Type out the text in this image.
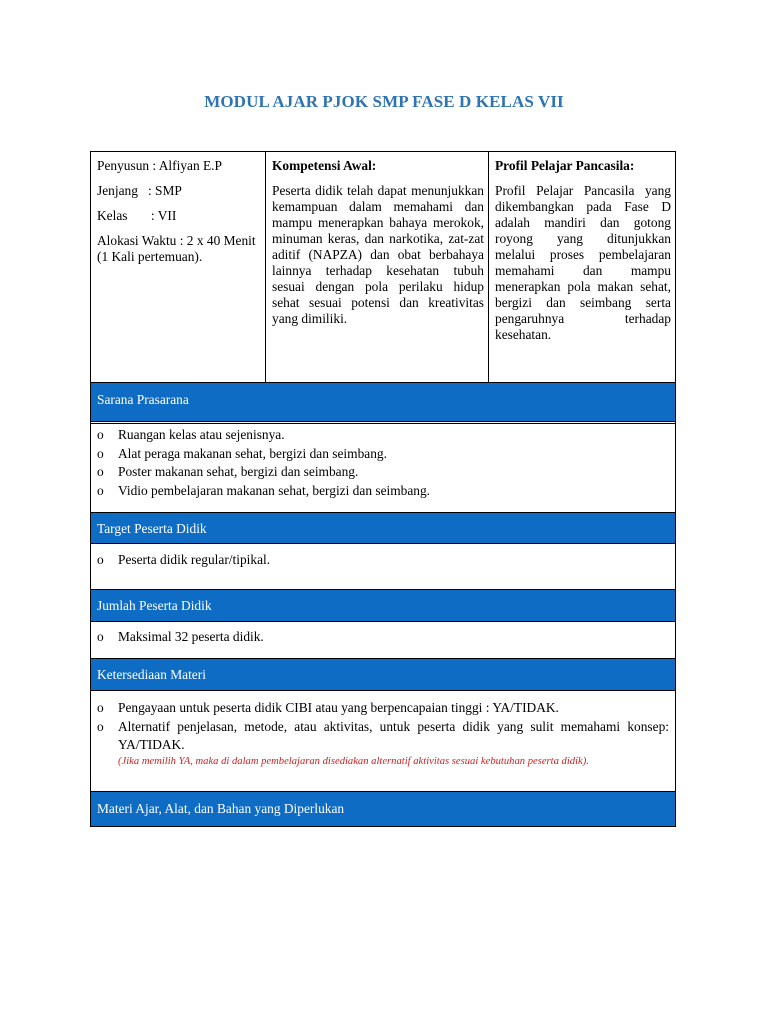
MODUL AJAR PJOK SMP FASE D KELAS VII
Penyusun : Alfiyan E.P
Jenjang   : SMP
Kelas       : VII
Alokasi Waktu : 2 x 40 Menit (1 Kali pertemuan).
Kompetensi Awal:
Peserta didik telah dapat menunjukkan kemampuan dalam memahami dan mampu menerapkan bahaya merokok, minuman keras, dan narkotika, zat-zat aditif (NAPZA) dan obat berbahaya lainnya terhadap kesehatan tubuh sesuai dengan pola perilaku hidup sehat sesuai potensi dan kreativitas yang dimiliki.
Profil Pelajar Pancasila:
Profil Pelajar Pancasila yang dikembangkan pada Fase D adalah mandiri dan gotong royong yang ditunjukkan melalui proses pembelajaran memahami dan mampu menerapkan pola makan sehat, bergizi dan seimbang serta pengaruhnya terhadap kesehatan.
Sarana Prasarana
o	Ruangan kelas atau sejenisnya.
o	Alat peraga makanan sehat, bergizi dan seimbang.
o	Poster makanan sehat, bergizi dan seimbang.
o	Vidio pembelajaran makanan sehat, bergizi dan seimbang.
Target Peserta Didik
o	Peserta didik regular/tipikal.
Jumlah Peserta Didik
o	Maksimal 32 peserta didik.
Ketersediaan Materi
o	Pengayaan untuk peserta didik CIBI atau yang berpencapaian tinggi : YA/TIDAK.
o	Alternatif penjelasan, metode, atau aktivitas, untuk peserta didik yang sulit memahami konsep: YA/TIDAK.
(Jika memilih YA, maka di dalam pembelajaran disediakan alternatif aktivitas sesuai kebutuhan peserta didik).
Materi Ajar, Alat, dan Bahan yang Diperlukan
